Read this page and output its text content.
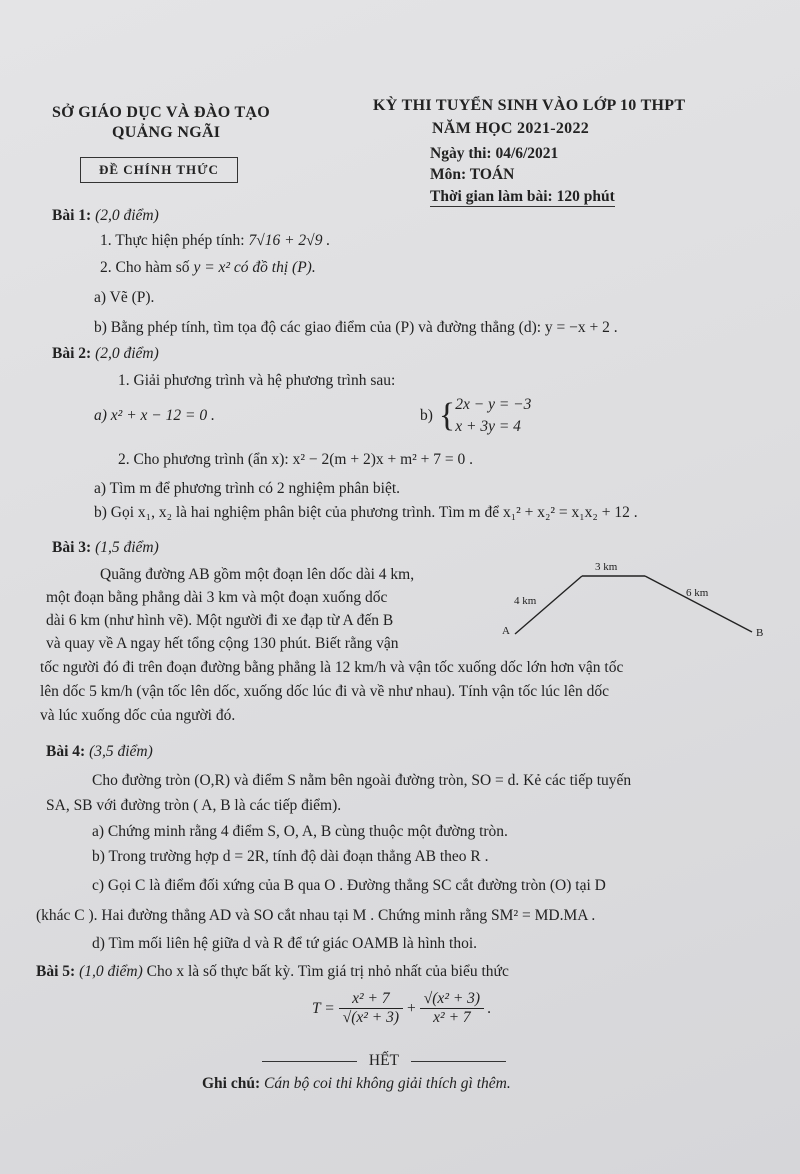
SỞ GIÁO DỤC VÀ ĐÀO TẠO
QUẢNG NGÃI
ĐỀ CHÍNH THỨC
KỲ THI TUYỂN SINH VÀO LỚP 10 THPT
NĂM HỌC 2021-2022
Ngày thi: 04/6/2021
Môn: TOÁN
Thời gian làm bài: 120 phút
Bài 1: (2,0 điểm)
1. Thực hiện phép tính: 7√16 + 2√9 .
2. Cho hàm số y = x² có đồ thị (P).
a) Vẽ (P).
b) Bằng phép tính, tìm tọa độ các giao điểm của (P) và đường thẳng (d): y = −x + 2 .
Bài 2: (2,0 điểm)
1. Giải phương trình và hệ phương trình sau:
a) x² + x − 12 = 0 .	b) { 2x − y = −3
x + 3y = 4
2. Cho phương trình (ẩn x): x² − 2(m + 2)x + m² + 7 = 0 .
a) Tìm m để phương trình có 2 nghiệm phân biệt.
b) Gọi x₁, x₂ là hai nghiệm phân biệt của phương trình. Tìm m để x₁² + x₂² = x₁x₂ + 12 .
Bài 3: (1,5 điểm)
Quãng đường AB gồm một đoạn lên dốc dài 4 km,
một đoạn bằng phẳng dài 3 km và một đoạn xuống dốc
dài 6 km (như hình vẽ). Một người đi xe đạp từ A đến B
và quay về A ngay hết tổng cộng 130 phút. Biết rằng vận
tốc người đó đi trên đoạn đường bằng phẳng là 12 km/h và vận tốc xuống dốc lớn hơn vận tốc
lên dốc 5 km/h (vận tốc lên dốc, xuống dốc lúc đi và về như nhau). Tính vận tốc lúc lên dốc
và lúc xuống dốc của người đó.
3 km
4 km
6 km
A	B
Bài 4: (3,5 điểm)
Cho đường tròn (O,R) và điểm S nằm bên ngoài đường tròn, SO = d. Kẻ các tiếp tuyến
SA, SB với đường tròn ( A, B là các tiếp điểm).
a) Chứng minh rằng 4 điểm S, O, A, B cùng thuộc một đường tròn.
b) Trong trường hợp d = 2R, tính độ dài đoạn thẳng AB theo R .
c) Gọi C là điểm đối xứng của B qua O . Đường thẳng SC cắt đường tròn (O) tại D
(khác C ). Hai đường thẳng AD và SO cắt nhau tại M . Chứng minh rằng SM² = MD.MA .
d) Tìm mối liên hệ giữa d và R để tứ giác OAMB là hình thoi.
Bài 5: (1,0 điểm) Cho x là số thực bất kỳ. Tìm giá trị nhỏ nhất của biểu thức
$T = \frac{\text{x² + 7}}{\text{√(x² + 3)}} + \frac{\text{√(x² + 3)}}{\text{x² + 7}}$ .
HẾT
Ghi chú: Cán bộ coi thi không giải thích gì thêm.
